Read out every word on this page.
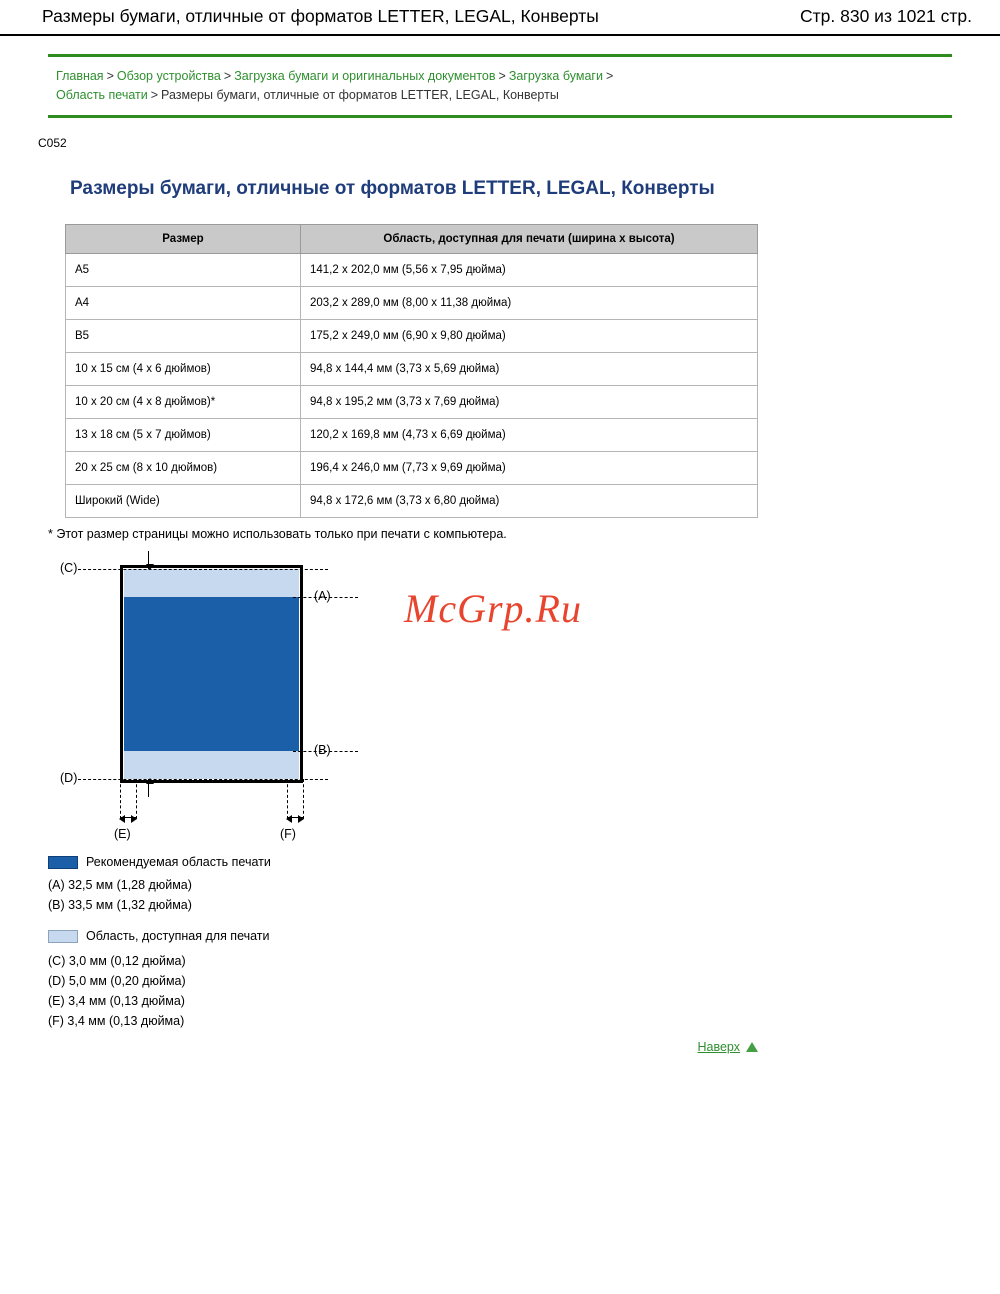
Размеры бумаги, отличные от форматов LETTER, LEGAL, Конверты	Стр. 830 из 1021 стр.
Главная > Обзор устройства > Загрузка бумаги и оригинальных документов > Загрузка бумаги >
Область печати > Размеры бумаги, отличные от форматов LETTER, LEGAL, Конверты
C052
Размеры бумаги, отличные от форматов LETTER, LEGAL, Конверты
Размер	Область, доступная для печати (ширина х высота)
A5	141,2 x 202,0 мм (5,56 x 7,95 дюйма)
A4	203,2 x 289,0 мм (8,00 x 11,38 дюйма)
B5	175,2 x 249,0 мм (6,90 x 9,80 дюйма)
10 x 15 см (4 x 6 дюймов)	94,8 x 144,4 мм (3,73 x 5,69 дюйма)
10 x 20 см (4 x 8 дюймов)*	94,8 x 195,2 мм (3,73 x 7,69 дюйма)
13 x 18 см (5 x 7 дюймов)	120,2 x 169,8 мм (4,73 x 6,69 дюйма)
20 x 25 см (8 x 10 дюймов)	196,4 x 246,0 мм (7,73 x 9,69 дюйма)
Широкий (Wide)	94,8 x 172,6 мм (3,73 x 6,80 дюйма)
* Этот размер страницы можно использовать только при печати с компьютера.
(C)
(D)
(A)
(B)
(E)	(F)
Рекомендуемая область печати
(A) 32,5 мм (1,28 дюйма)
(B) 33,5 мм (1,32 дюйма)
Область, доступная для печати
(C) 3,0 мм (0,12 дюйма)
(D) 5,0 мм (0,20 дюйма)
(E) 3,4 мм (0,13 дюйма)
(F) 3,4 мм (0,13 дюйма)
McGrp.Ru
Наверх
